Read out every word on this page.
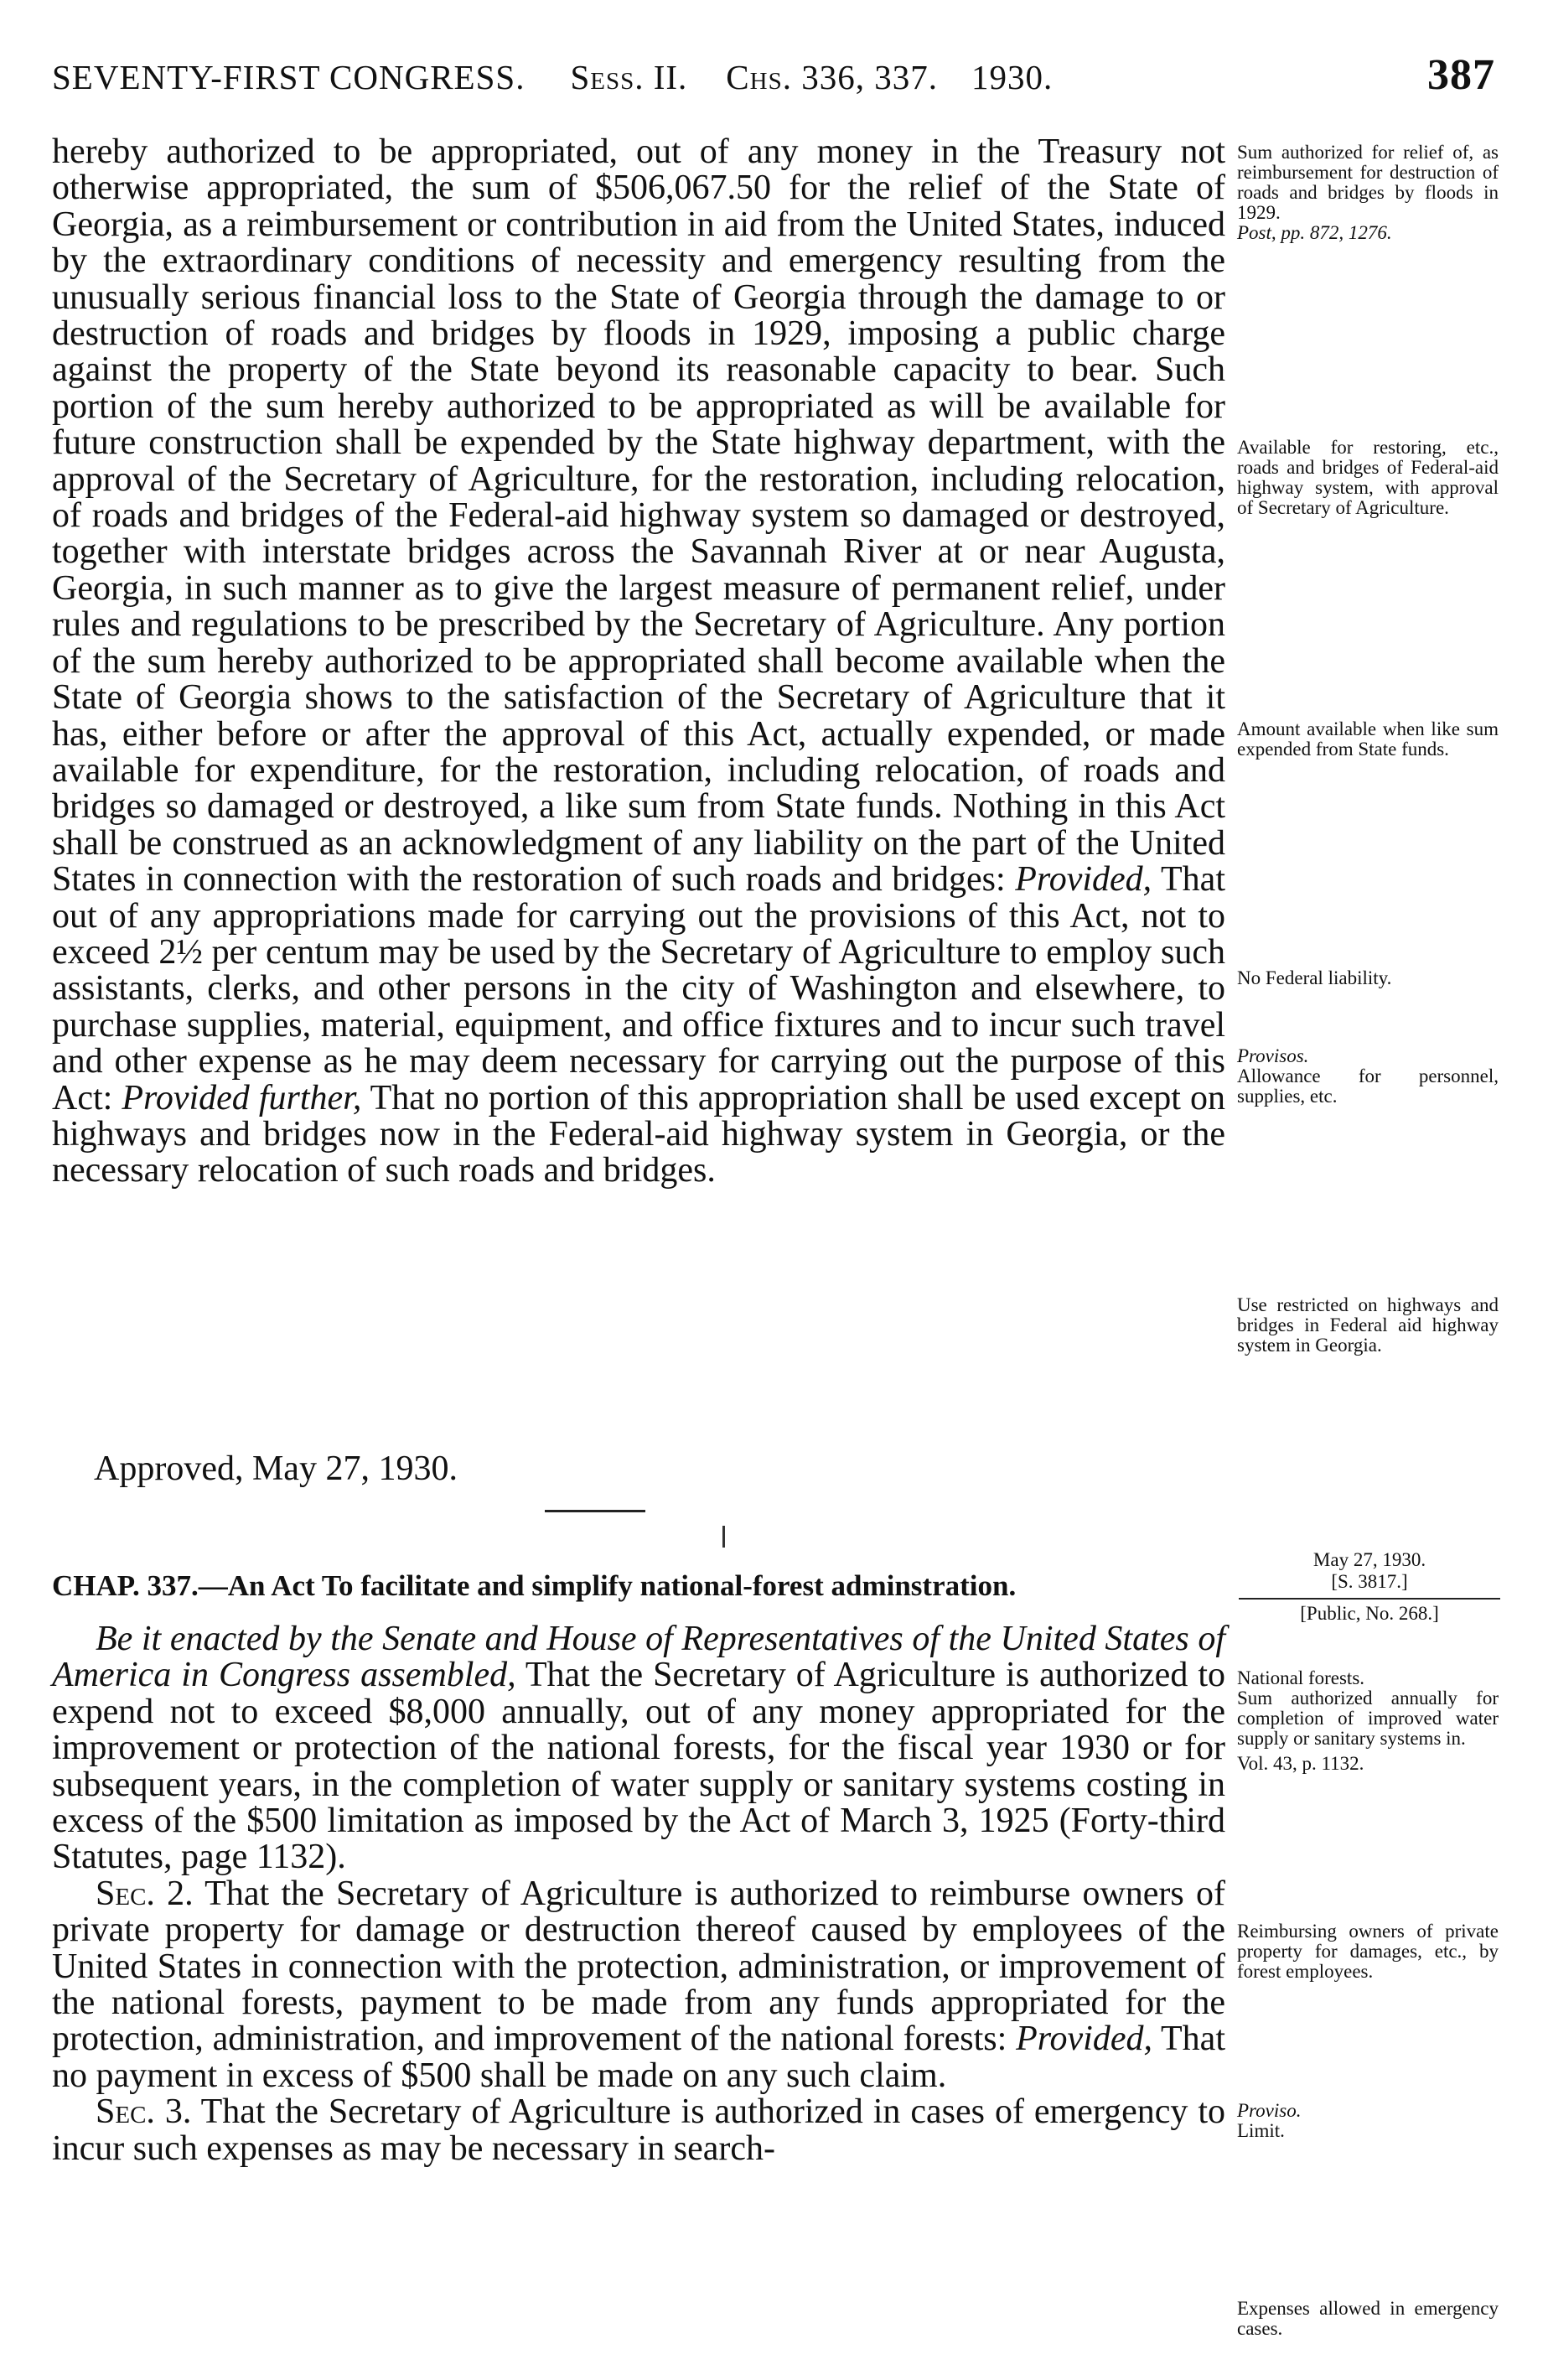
SEVENTY-FIRST CONGRESS. Sess. II. Chs. 336, 337. 1930.	387

hereby authorized to be appropriated, out of any money in the Treasury not otherwise appropriated, the sum of $506,067.50 for the relief of the State of Georgia, as a reimbursement or contribution in aid from the United States, induced by the extraordinary conditions of necessity and emergency resulting from the unusually serious financial loss to the State of Georgia through the damage to or destruction of roads and bridges by floods in 1929, imposing a public charge against the property of the State beyond its reasonable capacity to bear. Such portion of the sum hereby authorized to be appropriated as will be available for future construction shall be expended by the State highway department, with the approval of the Secretary of Agriculture, for the restoration, including relocation, of roads and bridges of the Federal-aid highway system so damaged or destroyed, together with interstate bridges across the Savannah River at or near Augusta, Georgia, in such manner as to give the largest measure of permanent relief, under rules and regulations to be prescribed by the Secretary of Agriculture. Any portion of the sum hereby authorized to be appropriated shall become available when the State of Georgia shows to the satisfaction of the Secretary of Agriculture that it has, either before or after the approval of this Act, actually expended, or made available for expenditure, for the restoration, including relocation, of roads and bridges so damaged or destroyed, a like sum from State funds. Nothing in this Act shall be construed as an acknowledgment of any liability on the part of the United States in connection with the restoration of such roads and bridges: Provided, That out of any appropriations made for carrying out the provisions of this Act, not to exceed 2½ per centum may be used by the Secretary of Agriculture to employ such assistants, clerks, and other persons in the city of Washington and elsewhere, to purchase supplies, material, equipment, and office fixtures and to incur such travel and other expense as he may deem necessary for carrying out the purpose of this Act: Provided further, That no portion of this appropriation shall be used except on highways and bridges now in the Federal-aid highway system in Georgia, or the necessary relocation of such roads and bridges.

Approved, May 27, 1930.
CHAP. 337.—An Act To facilitate and simplify national-forest adminstration.

Be it enacted by the Senate and House of Representatives of the United States of America in Congress assembled, That the Secretary of Agriculture is authorized to expend not to exceed $8,000 annually, out of any money appropriated for the improvement or protection of the national forests, for the fiscal year 1930 or for subsequent years, in the completion of water supply or sanitary systems costing in excess of the $500 limitation as imposed by the Act of March 3, 1925 (Forty-third Statutes, page 1132).

Sec. 2. That the Secretary of Agriculture is authorized to reimburse owners of private property for damage or destruction thereof caused by employees of the United States in connection with the protection, administration, or improvement of the national forests, payment to be made from any funds appropriated for the protection, administration, and improvement of the national forests: Provided, That no payment in excess of $500 shall be made on any such claim.

Sec. 3. That the Secretary of Agriculture is authorized in cases of emergency to incur such expenses as may be necessary in search-

Sum authorized for relief of, as reimbursement for destruction of roads and bridges by floods in 1929.
Post, pp. 872, 1276.
Available for restoring, etc., roads and bridges of Federal-aid highway system, with approval of Secretary of Agriculture.
Amount available when like sum expended from State funds.
No Federal liability.
Provisos.
Allowance for personnel, supplies, etc.
Use restricted on highways and bridges in Federal aid highway system in Georgia.
May 27, 1930.
[S. 3817.]
[Public, No. 268.]
National forests.
Sum authorized annually for completion of improved water supply or sanitary systems in.
Vol. 43, p. 1132.
Reimbursing owners of private property for damages, etc., by forest employees.
Proviso.
Limit.
Expenses allowed in emergency cases.
